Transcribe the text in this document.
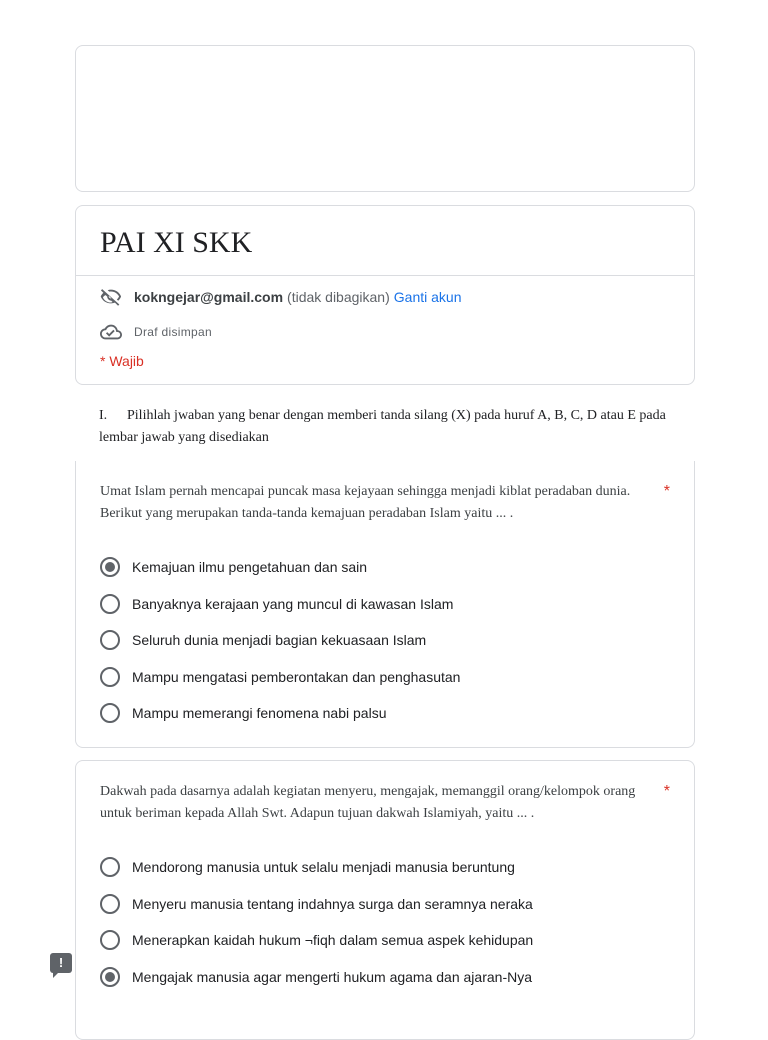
PAI XI SKK
kokngejar@gmail.com (tidak dibagikan) Ganti akun
Draf disimpan
* Wajib
I. Pilihlah jwaban yang benar dengan memberi tanda silang (X) pada huruf A, B, C, D atau E pada lembar jawab yang disediakan
Umat Islam pernah mencapai puncak masa kejayaan sehingga menjadi kiblat peradaban dunia. Berikut yang merupakan tanda-tanda kemajuan peradaban Islam yaitu ... .
*
Kemajuan ilmu pengetahuan dan sain
Banyaknya kerajaan yang muncul di kawasan Islam
Seluruh dunia menjadi bagian kekuasaan Islam
Mampu mengatasi pemberontakan dan penghasutan
Mampu memerangi fenomena nabi palsu
Dakwah pada dasarnya adalah kegiatan menyeru, mengajak, memanggil orang/kelompok orang untuk beriman kepada Allah Swt. Adapun tujuan dakwah Islamiyah, yaitu ... .
*
Mendorong manusia untuk selalu menjadi manusia beruntung
Menyeru manusia tentang indahnya surga dan seramnya neraka
Menerapkan kaidah hukum ¬fiqh dalam semua aspek kehidupan
Mengajak manusia agar mengerti hukum agama dan ajaran-Nya
!
